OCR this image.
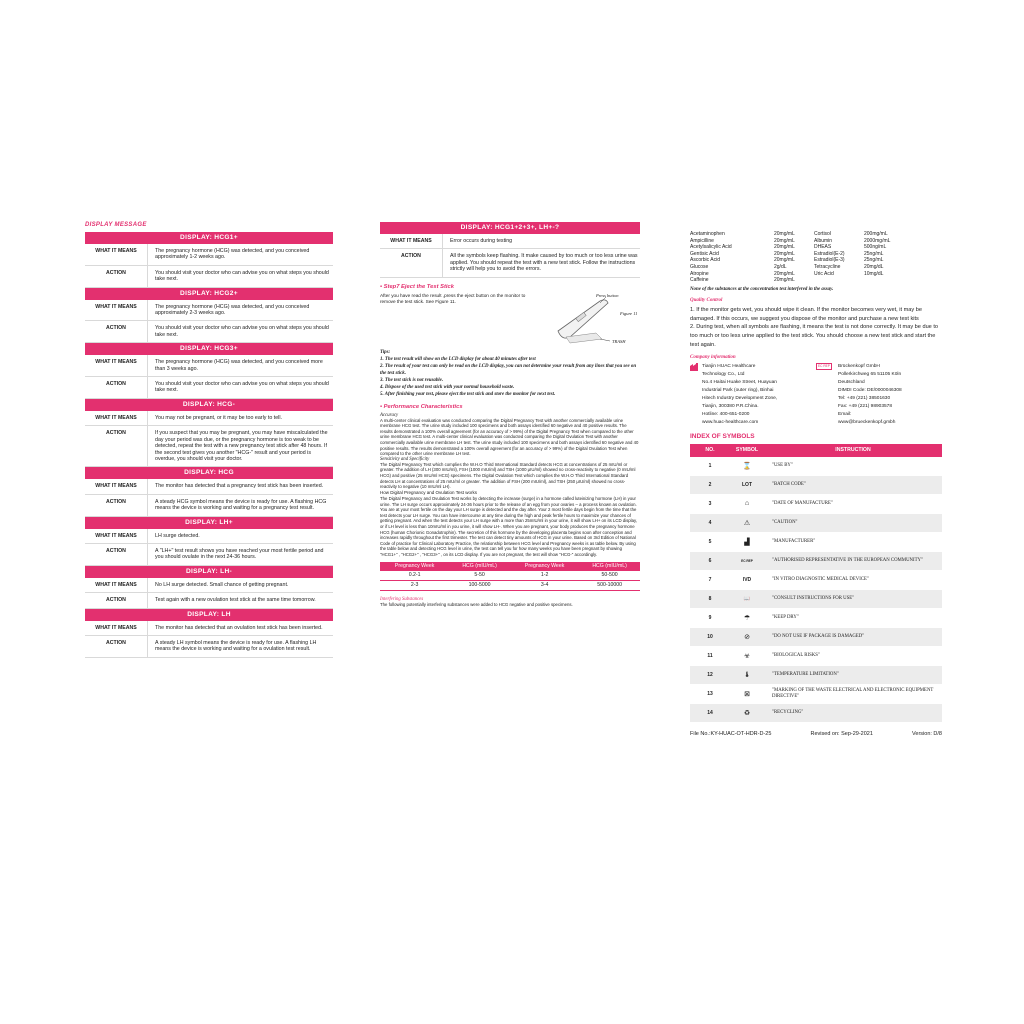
DISPLAY MESSAGE
DISPLAY: HCG1+
WHAT IT MEANS	The pregnancy hormone (HCG) was detected, and you conceived approximately 1-2 weeks ago.
ACTION	You should visit your doctor who can advise you on what steps you should take next.
DISPLAY: HCG2+
WHAT IT MEANS	The pregnancy hormone (HCG) was detected, and you conceived approximately 2-3 weeks ago.
ACTION	You should visit your doctor who can advise you on what steps you should take next.
DISPLAY: HCG3+
WHAT IT MEANS	The pregnancy hormone (HCG) was detected, and you conceived more than 3 weeks ago.
ACTION	You should visit your doctor who can advise you on what steps you should take next.
DISPLAY: HCG-
WHAT IT MEANS	You may not be pregnant, or it may be too early to tell.
ACTION	If you suspect that you may be pregnant, you may have miscalculated the day your period was due, or the pregnancy hormone is too weak to be detected, repeat the test with a new pregnancy test stick after 48 hours. If the second test gives you another "HCG-" result and your period is overdue, you should visit your doctor.
DISPLAY: HCG
WHAT IT MEANS	The monitor has detected that a pregnancy test stick has been inserted.
ACTION	A steady HCG symbol means the device is ready for use. A flashing HCG means the device is working and waiting for a pregnancy test result.
DISPLAY: LH+
WHAT IT MEANS	LH surge detected.
ACTION	A "LH+" test result shows you have reached your most fertile period and you should ovulate in the next 24-36 hours.
DISPLAY: LH-
WHAT IT MEANS	No LH surge detected. Small chance of getting pregnant.
ACTION	Test again with a new ovulation test stick at the same time tomorrow.
DISPLAY: LH
WHAT IT MEANS	The monitor has detected that an ovulation test stick has been inserted.
ACTION	A steady LH symbol means the device is ready for use. A flashing LH means the device is working and waiting for a ovulation test result.
DISPLAY: HCG1+2+3+, LH+-?
WHAT IT MEANS	Error occurs during testing
ACTION	All the symbols keep flashing. It make caused by too much or too less urine was applied. You should repeat the test with a new test stick. Follow the instructions strictly will help you to avoid the errors.
• Step7 Eject the Test Stick
Press button
Figure 11
TRASH
After you have read the result ,press the eject button on the monitor to remove the test stick. See Figure 11.
Tips:
1. The test result will show on the LCD display for about 40 minutes after test
2. The result of your test can only be read on the LCD display, you can not determine your result from any lines that you see on the test stick.
3. The test stick is not reusable.
4. Dispose of the used test stick with your normal household waste.
5. After finishing your test, please eject the test stick and store the monitor for next test.
• Performance Characteristics
Accuracy
A multi-center clinical evaluation was conducted comparing the Digital Pregnancy Test with another commercially available urine membrane HCG test. The urine study included 100 specimens and both assays identified 60 negative and 40 positive results. The results demonstrated a 100% overall agreement (for an accuracy of > 99%) of the Digital Pregnancy Test when compared to the other urine membrane HCG test. A multi-center clinical evaluation was conducted comparing the Digital Ovulation Test with another commercially available urine membrane LH test. The urine study included 100 specimens and both assays identified 60 negative and 40 positive results. The results demonstrated a 100% overall agreement (for an accuracy of > 99%) of the Digital Ovulation Test when compared to the other urine membrane LH test.
Sensitivity and Specificity
The Digital Pregnancy Test which complies the W.H.O Third International Standard detects HCG at concentrations of 25 mIU/ml or greater. The addition of LH (300 mIU/ml), FSH (1000 mIU/ml) and TSH (1000 μIU/ml) showed no cross-reactivity to negative (0 mIU/ml HCG) and positive (25 mIU/ml HCG) specimens. The Digital Ovulation Test which complies the W.H.O Third International Standard detects LH at concentrations of 25 mIU/ml or greater. The addition of FSH (200 mIU/ml), and TSH (250 μIU/ml) showed no cross-reactivity to negative (10 mIU/ml LH).
How Digital Pregnancy and Ovulation Test works
The Digital Pregnancy and Ovulation Test works by detecting the increase (surge) in a hormone called luteinizing hormone (LH) in your urine. The LH surge occurs approximately 24-36 hours prior to the release of an egg from your ovaries – a process known as ovulation. You are at your most fertile on the day your LH surge is detected and the day after. Your 2 most fertile days begin from the time that the test detects your LH surge. You can have intercourse at any time during the high and peak fertile hours to maximize your chances of getting pregnant. And when the test detects your LH surge with a more than 25mIU/ml in your urine, it will show LH+ on its LCD display, or if LH level is less than 10mIU/ml in you urine, it will show LH-. When you are pregnant, your body produces the pregnancy hormone HCG (human Chorionic Gonadotrophin). The secretion of this hormone by the developing placenta begins soon after conception and increases rapidly throughout the first trimester. The test can detect tiny amounts of HCG in your urine. Based on 3rd Edition of National Code of practice for Clinical Laboratory Practice, the relationship between HCG level and Pregnancy weeks is as table below. By using the table below and detecting HCG level in urine, the test can tell you for how many weeks you have been pregnant by showing "HCG1+" , "HCG2+" , "HCG3+" , on its LCD display. If you are not pregnant, the test will show "HCG-" accordingly.
Pregnancy Week	HCG (mIU/mL)	Pregnancy Week	HCG (mIU/mL)
0.2-1	5-50	1-2	50-500
2-3	100-5000	3-4	500-10000
Interfering Substances
The following potentially interfering substances were added to HCG negative and positive specimens.
Acetaminophen	20mg/mL	Cortisol	200mg/mL
Ampicilline	20mg/mL	Albumin	2000mg/mL
Acetylsalicylic Acid	20mg/mL	DHEAS	500ng/mL
Gentisic Acid	20mg/mL	Estradiol(E-2)	25ng/mL
Ascorbic Acid	20mg/mL	Estradiol(E-3)	25ng/mL
Glucose	2g/dL	Tetracycline	20mg/dL
Atropine	20mg/mL	Uric Acid	10mg/dL
Caffeine	20mg/mL
None of the substances at the concentration test interfered in the assay.
Quality Control
1. If the monitor gets wet, you should wipe it clean. If the monitor becomes very wet, it may be damaged. If this occurs, we suggest you dispose of the monitor and purchase a new test kits
2. During test, when all symbols are flashing, it means the test is not done correctly. It may be due to too much or too less urine applied to the test stick. You should choose a new test stick and start the test again.
Company information
Tianjin HUAC Healthcare
Technology Co., Ltd
No.4 Haitai Huake Street, Huayuan
Industrial Park (outer ring), Binhai
Hitech Industry Development Zone,
Tianjin, 300380 P.R.China.
Hotline: 400-651-0200
www.huac-healthcare.com
EC REP	Brückenkopf GmbH
Pollerkirchweg 65 51105 Köln
Deutschland
DIMDI Code: DE/0000046308
Tel: +49 (221) 38501630
Fax: +49 (221) 98903578
Email:
www@brueckenkopf.gmbh
INDEX OF SYMBOLS
NO.	SYMBOL	INSTRUCTION
1	⌛	"USE BY"
2	LOT	"BATCH CODE"
3	⌂	"DATE OF MANUFACTURE"
4	⚠	"CAUTION"
5	▟	"MANUFACTURER"
6	EC REP	"AUTHORISED REPRESENTATIVE IN THE EUROPEAN COMMUNITY"
7	IVD	"IN VITRO DIAGNOSTIC MEDICAL DEVICE"
8	📖	"CONSULT INSTRUCTIONS FOR USE"
9	☂	"KEEP DRY"
10	⊘	"DO NOT USE IF PACKAGE IS DAMAGED"
11	☣	"BIOLOGICAL RISKS"
12	🌡	"TEMPERATURE LIMITATION"
13	⊠	"MARKING OF THE WASTE ELECTRICAL AND ELECTRONIC EQUIPMENT DIRECTIVE"
14	♻	"RECYCLING"
File No.:KY-HUAC-OT-HDR-D-25	Revised on: Sep-29-2021	Version: D/8
